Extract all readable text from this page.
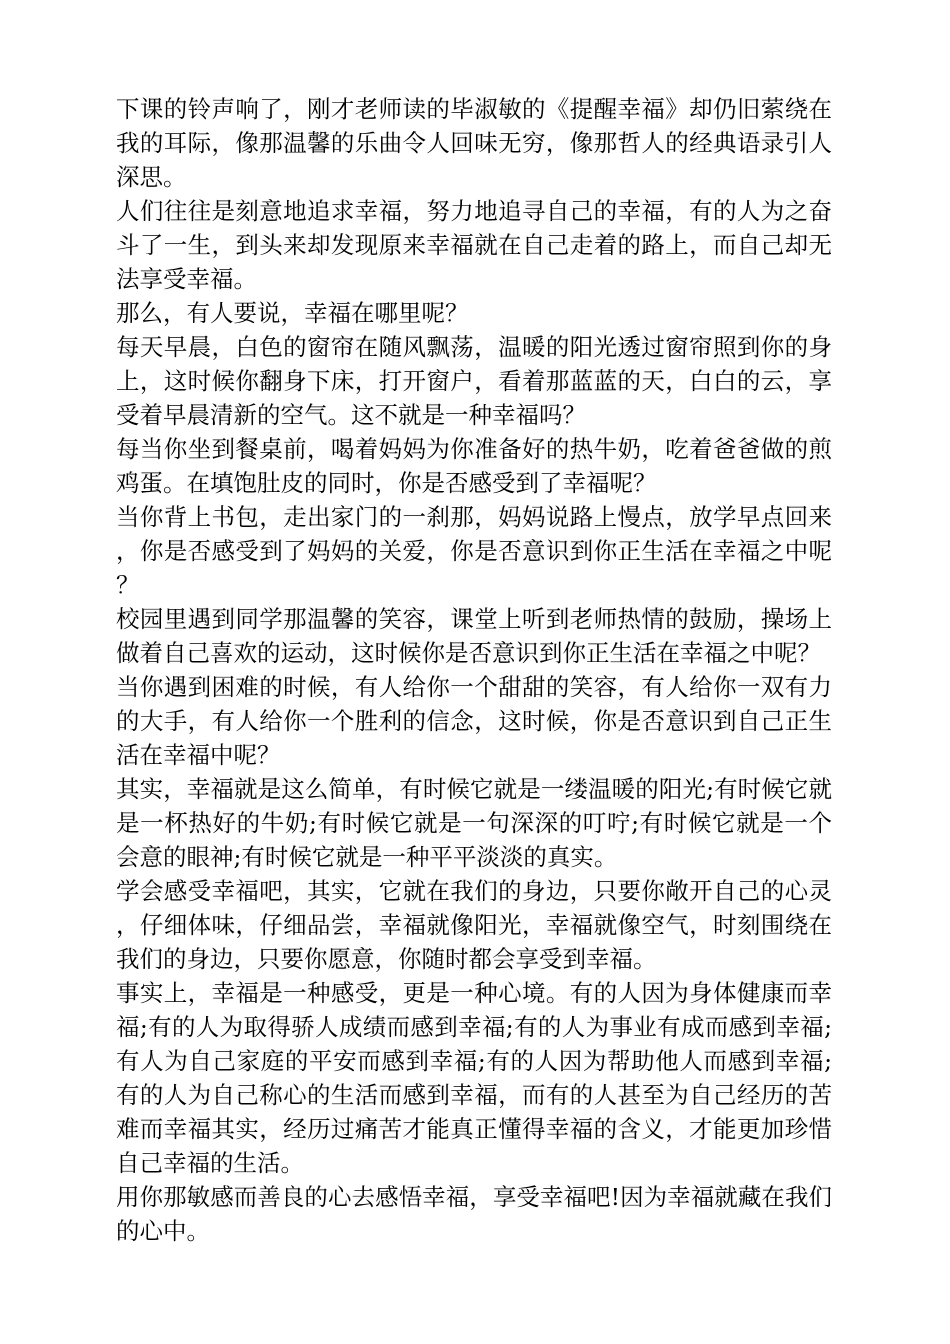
下课的铃声响了，刚才老师读的毕淑敏的《提醒幸福》却仍旧萦绕在我的耳际，像那温馨的乐曲令人回味无穷，像那哲人的经典语录引人深思。

人们往往是刻意地追求幸福，努力地追寻自己的幸福，有的人为之奋斗了一生，到头来却发现原来幸福就在自己走着的路上，而自己却无法享受幸福。

那么，有人要说，幸福在哪里呢？

每天早晨，白色的窗帘在随风飘荡，温暖的阳光透过窗帘照到你的身上，这时候你翻身下床，打开窗户，看着那蓝蓝的天，白白的云，享受着早晨清新的空气。这不就是一种幸福吗？

每当你坐到餐桌前，喝着妈妈为你准备好的热牛奶，吃着爸爸做的煎鸡蛋。在填饱肚皮的同时，你是否感受到了幸福呢？

当你背上书包，走出家门的一刹那，妈妈说路上慢点，放学早点回来，你是否感受到了妈妈的关爱，你是否意识到你正生活在幸福之中呢？

校园里遇到同学那温馨的笑容，课堂上听到老师热情的鼓励，操场上做着自己喜欢的运动，这时候你是否意识到你正生活在幸福之中呢？

当你遇到困难的时候，有人给你一个甜甜的笑容，有人给你一双有力的大手，有人给你一个胜利的信念，这时候，你是否意识到自己正生活在幸福中呢？

其实，幸福就是这么简单，有时候它就是一缕温暖的阳光;有时候它就是一杯热好的牛奶;有时候它就是一句深深的叮咛;有时候它就是一个会意的眼神;有时候它就是一种平平淡淡的真实。

学会感受幸福吧，其实，它就在我们的身边，只要你敞开自己的心灵，仔细体味，仔细品尝，幸福就像阳光，幸福就像空气，时刻围绕在我们的身边，只要你愿意，你随时都会享受到幸福。

事实上，幸福是一种感受，更是一种心境。有的人因为身体健康而幸福;有的人为取得骄人成绩而感到幸福;有的人为事业有成而感到幸福;有人为自己家庭的平安而感到幸福;有的人因为帮助他人而感到幸福;有的人为自己称心的生活而感到幸福，而有的人甚至为自己经历的苦难而幸福其实，经历过痛苦才能真正懂得幸福的含义，才能更加珍惜自己幸福的生活。

用你那敏感而善良的心去感悟幸福，享受幸福吧!因为幸福就藏在我们的心中。
